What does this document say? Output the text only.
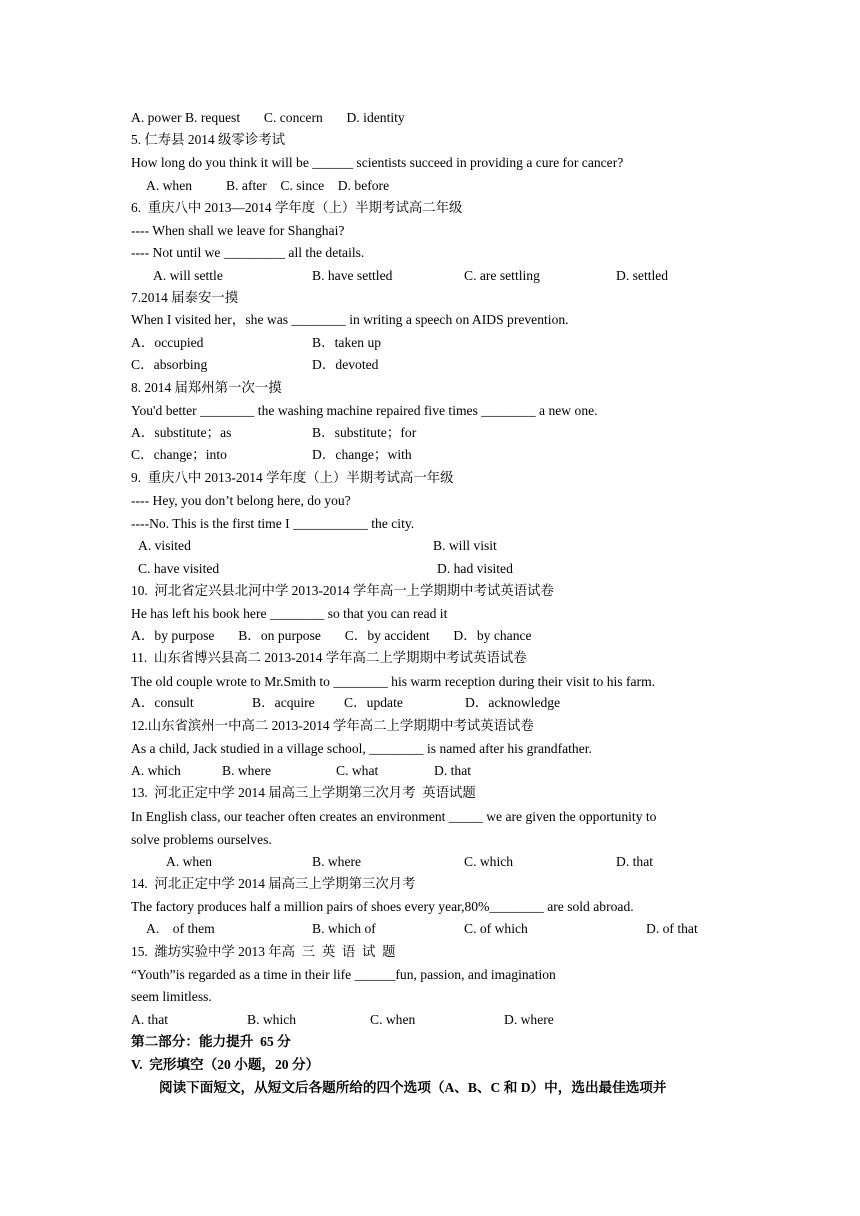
A. power B. request       C. concern       D. identity
5. 仁寿县 2014 级零诊考试
How long do you think it will be ______ scientists succeed in providing a cure for cancer?
A. when          B. after    C. since    D. before
6.  重庆八中 2013—2014 学年度（上）半期考试高二年级
---- When shall we leave for Shanghai?
---- Not until we _________ all the details.
A. will settle	B. have settled	C. are settling	D. settled
7.2014 届泰安一摸
When I visited her，she was ________ in writing a speech on AIDS prevention.
A．occupied	B．taken up
C．absorbing	D．devoted
8. 2014 届郑州第一次一摸
You'd better ________ the washing machine repaired five times ________ a new one.
A．substitute；as	B．substitute；for
C．change；into	D．change；with
9.  重庆八中 2013-2014 学年度（上）半期考试高一年级
---- Hey, you don’t belong here, do you?
----No. This is the first time I ___________ the city.
A. visited	B. will visit
C. have visited	D. had visited
10.  河北省定兴县北河中学 2013-2014 学年高一上学期期中考试英语试卷
He has left his book here ________ so that you can read it
A．by purpose       B．on purpose       C．by accident       D．by chance
11.  山东省博兴县高二 2013-2014 学年高二上学期期中考试英语试卷
The old couple wrote to Mr.Smith to ________ his warm reception during their visit to his farm.
A．consult	B．acquire C．update	D．acknowledge
12.山东省滨州一中高二 2013-2014 学年高二上学期期中考试英语试卷
As a child, Jack studied in a village school, ________ is named after his grandfather.
A. which	B. where	C. what	D. that
13.  河北正定中学 2014 届高三上学期第三次月考  英语试题
In English class, our teacher often creates an environment _____ we are given the opportunity to
solve problems ourselves.
A. when	B. where	C. which	D. that
14.  河北正定中学 2014 届高三上学期第三次月考
The factory produces half a million pairs of shoes every year,80%________ are sold abroad.
A.    of them	B. which of	C. of which	D. of that
15.  潍坊实验中学 2013 年高  三  英  语  试  题
“Youth”is regarded as a time in their life ______fun, passion, and imagination
seem limitless.
A. that	B. which	C. when	D. where
第二部分：能力提升  65 分
V.  完形填空（20 小题，20 分）
阅读下面短文，从短文后各题所给的四个选项（A、B、C 和 D）中，选出最佳选项并
